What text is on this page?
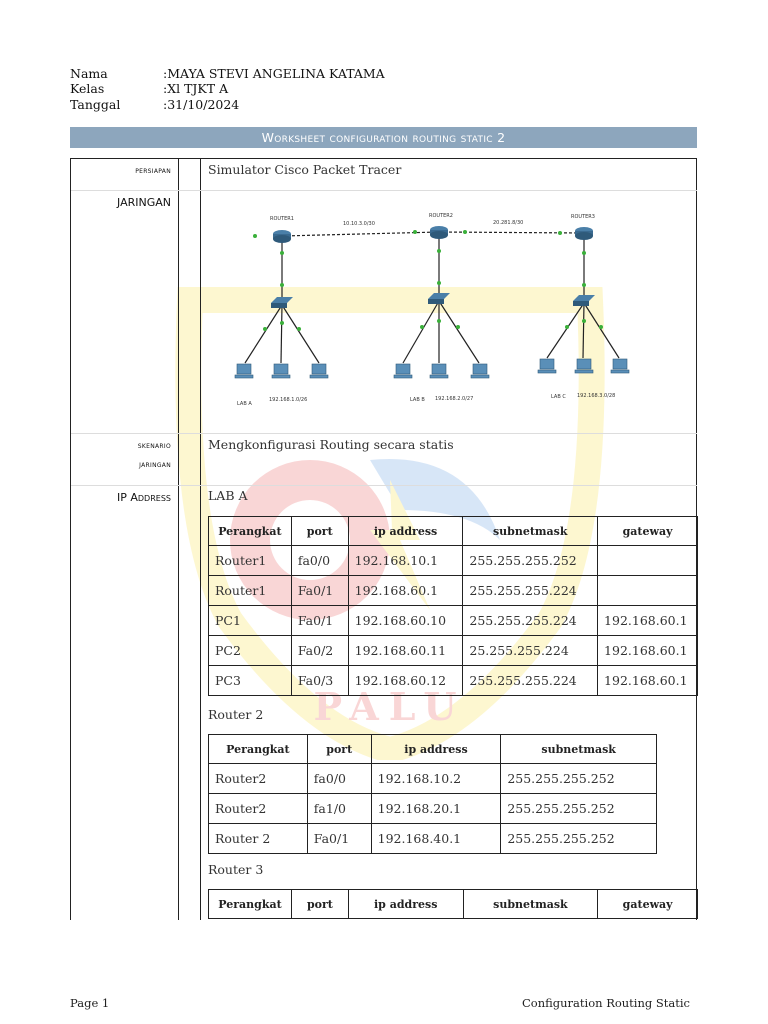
PALU
Nama	:MAYA STEVI ANGELINA KATAMA
Kelas	:Xl TJKT A
Tanggal	:31/10/2024
Worksheet configuration routing static 2
persiapan
JARINGAN
skenario
jaringan
IP Address
Simulator Cisco Packet Tracer
Mengkonfigurasi Routing secara statis
ROUTER1	ROUTER2	ROUTER3
10.10.3.0/30	20.281.8/30
LAB A
192.168.1.0/26	LAB B 192.168.2.0/27	LAB C 192.168.3.0/28
LAB A
Perangkat	port	ip address	subnetmask	gateway
Router1	fa0/0	192.168.10.1	255.255.255.252	
Router1	Fa0/1	192.168.60.1	255.255.255.224	
PC1	Fa0/1	192.168.60.10	255.255.255.224	192.168.60.1
PC2	Fa0/2	192.168.60.11	25.255.255.224	192.168.60.1
PC3	Fa0/3	192.168.60.12	255.255.255.224	192.168.60.1
Router 2
Perangkat	port	ip address	subnetmask
Router2	fa0/0	192.168.10.2	255.255.255.252
Router2	fa1/0	192.168.20.1	255.255.255.252
Router 2	Fa0/1	192.168.40.1	255.255.255.252
Router 3
Perangkat	port	ip address	subnetmask	gateway
Page 1	Configuration Routing Static
